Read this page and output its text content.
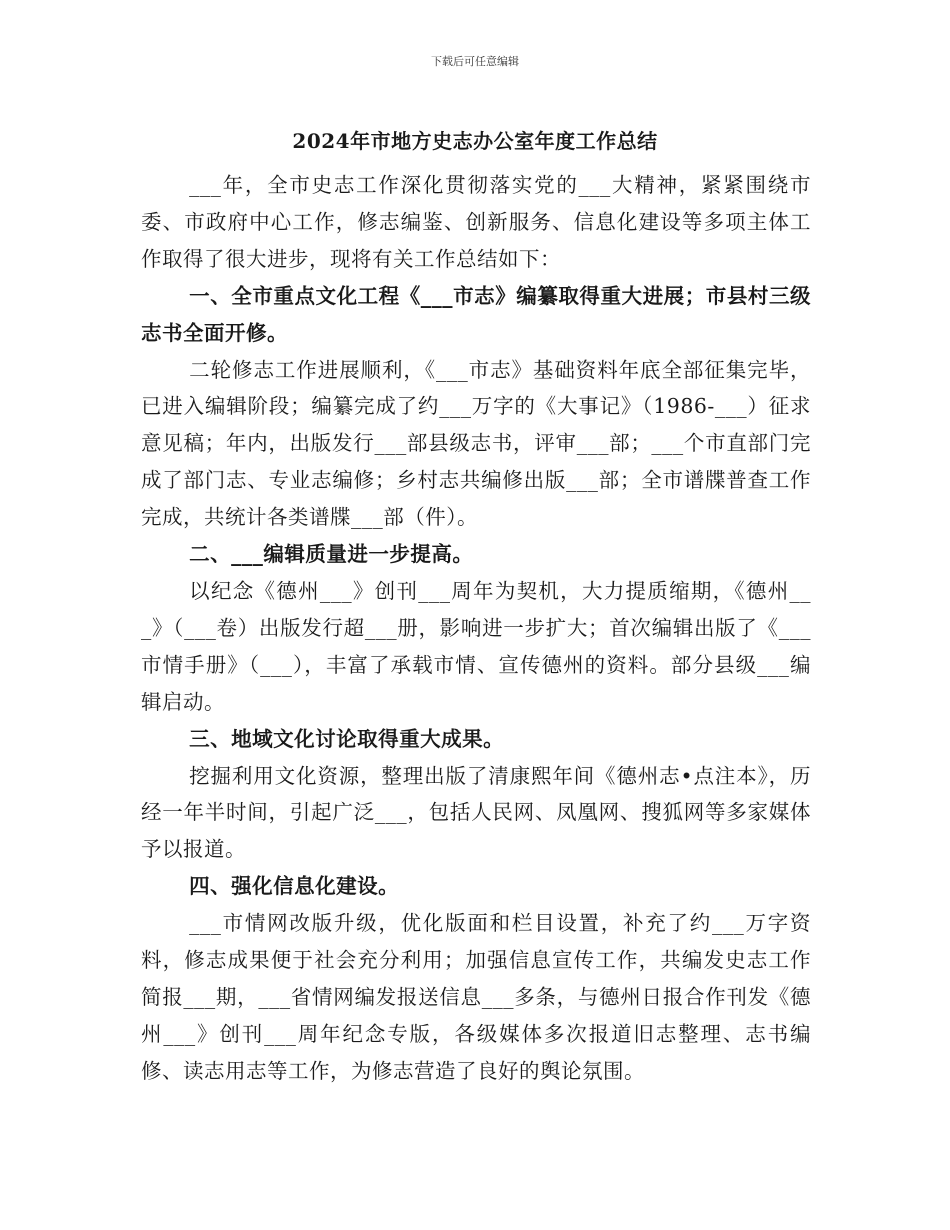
下载后可任意编辑
2024年市地方史志办公室年度工作总结

___年，全市史志工作深化贯彻落实党的___大精神，紧紧围绕市委、市政府中心工作，修志编鉴、创新服务、信息化建设等多项主体工作取得了很大进步，现将有关工作总结如下：

一、全市重点文化工程《___市志》编纂取得重大进展；市县村三级志书全面开修。

二轮修志工作进展顺利，《___市志》基础资料年底全部征集完毕，已进入编辑阶段；编纂完成了约___万字的《大事记》（1986-___）征求意见稿；年内，出版发行___部县级志书，评审___部；___个市直部门完成了部门志、专业志编修；乡村志共编修出版___部；全市谱牒普查工作完成，共统计各类谱牒___部（件）。

二、___编辑质量进一步提高。

以纪念《德州___》创刊___周年为契机，大力提质缩期，《德州___》（___卷）出版发行超___册，影响进一步扩大；首次编辑出版了《___市情手册》（___），丰富了承载市情、宣传德州的资料。部分县级___编辑启动。

三、地域文化讨论取得重大成果。

挖掘利用文化资源，整理出版了清康熙年间《德州志•点注本》，历经一年半时间，引起广泛___，包括人民网、凤凰网、搜狐网等多家媒体予以报道。

四、强化信息化建设。

___市情网改版升级，优化版面和栏目设置，补充了约___万字资料，修志成果便于社会充分利用；加强信息宣传工作，共编发史志工作简报___期，___省情网编发报送信息___多条，与德州日报合作刊发《德州___》创刊___周年纪念专版，各级媒体多次报道旧志整理、志书编修、读志用志等工作，为修志营造了良好的舆论氛围。
